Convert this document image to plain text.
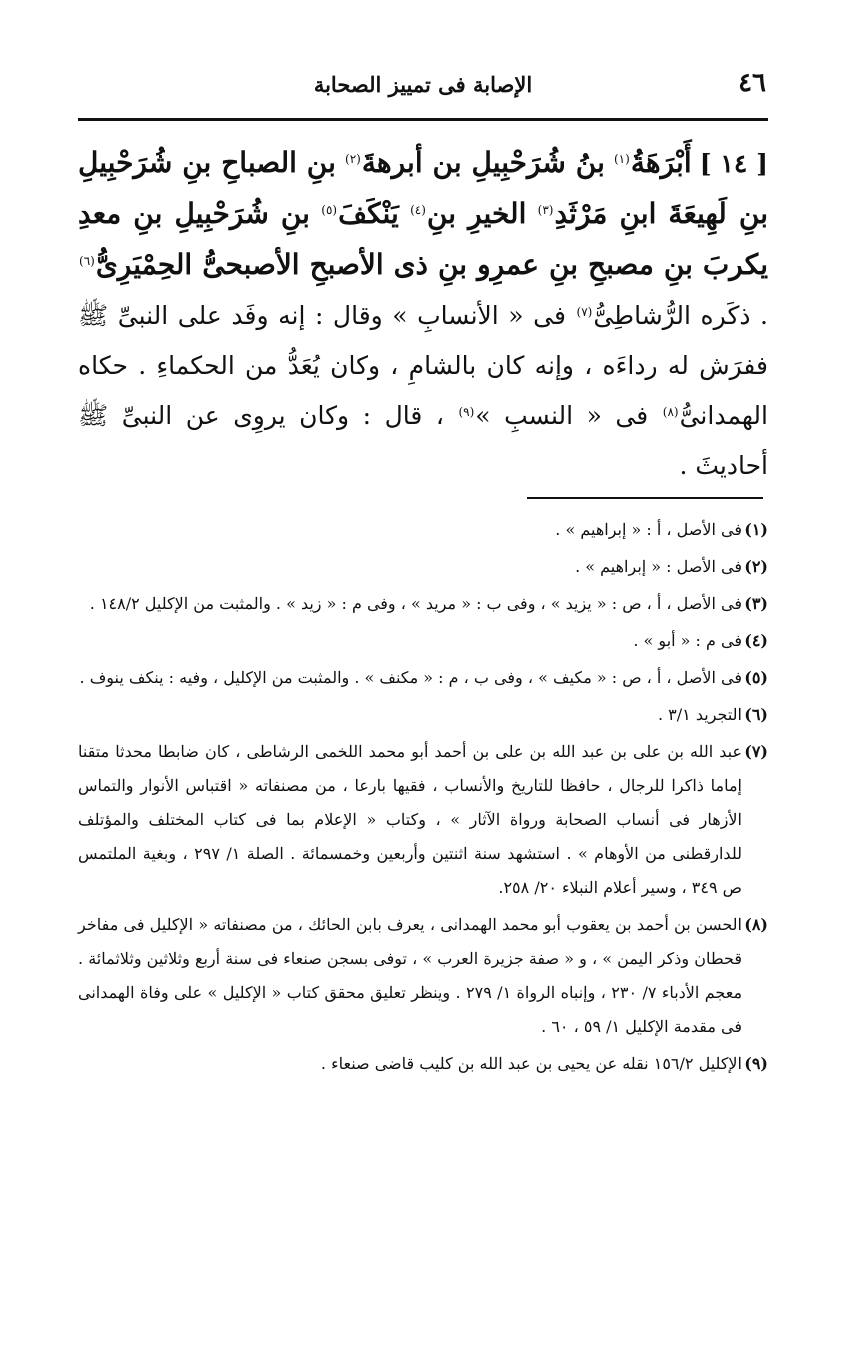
٤٦
الإصابة فى تمييز الصحابة
[ ١٤ ] أَبْرَهَةُ$^{(١)}$ بنُ شُرَحْبِيلِ بن أبرهةَ$^{(٢)}$ بنِ الصباحِ بنِ شُرَحْبِيلِ بنِ لَهِيعَةَ ابنِ مَرْثَدِ$^{(٣)}$ الخيرِ بنِ$^{(٤)}$ يَنْكَفَ$^{(٥)}$ بنِ شُرَحْبِيلِ بنِ معدِ يكربَ بنِ مصبحِ بنِ عمرِو بنِ ذى الأصبحِ الأصبحىُّ الحِمْيَرِىُّ$^{(٦)}$ . ذكَره الرُّشاطِىُّ$^{(٧)}$ فى « الأنسابِ » وقال : إنه وفَد على النبىِّ ﷺ ففرَش له رداءَه ، وإنه كان بالشامِ ، وكان يُعَدُّ من الحكماءِ . حكاه الهمدانىُّ$^{(٨)}$ فى « النسبِ »$^{(٩)}$ ، قال : وكان يروِى عن النبىِّ ﷺ أحاديثَ .
(١)
فى الأصل ، أ : « إبراهيم » .
(٢)
فى الأصل : « إبراهيم » .
(٣)
فى الأصل ، أ ، ص : « يزيد » ، وفى ب : « مريد » ، وفى م : « زيد » . والمثبت من الإكليل ١٤٨/٢ .
(٤)
فى م : « أبو » .
(٥)
فى الأصل ، أ ، ص : « مكيف » ، وفى ب ، م : « مكنف » . والمثبت من الإكليل ، وفيه : ينكف ينوف .
(٦)
التجريد ٣/١ .
(٧)
عبد الله بن على بن عبد الله بن على بن أحمد أبو محمد اللخمى الرشاطى ، كان ضابطا محدثا متقنا إماما ذاكرا للرجال ، حافظا للتاريخ والأنساب ، فقيها بارعا ، من مصنفاته « اقتباس الأنوار والتماس الأزهار فى أنساب الصحابة ورواة الآثار » ، وكتاب « الإعلام بما فى كتاب المختلف والمؤتلف للدارقطنى من الأوهام » . استشهد سنة اثنتين وأربعين وخمسمائة . الصلة ١/ ٢٩٧ ، وبغية الملتمس ص ٣٤٩ ، وسير أعلام النبلاء ٢٠/ ٢٥٨.
(٨)
الحسن بن أحمد بن يعقوب أبو محمد الهمدانى ، يعرف بابن الحائك ، من مصنفاته « الإكليل فى مفاخر قحطان وذكر اليمن » ، و « صفة جزيرة العرب » ، توفى بسجن صنعاء فى سنة أربع وثلاثين وثلاثمائة . معجم الأدباء ٧/ ٢٣٠ ، وإنباه الرواة ١/ ٢٧٩ . وينظر تعليق محقق كتاب « الإكليل » على وفاة الهمدانى فى مقدمة الإكليل ١/ ٥٩ ، ٦٠ .
(٩)
الإكليل ١٥٦/٢ نقله عن يحيى بن عبد الله بن كليب قاضى صنعاء .
